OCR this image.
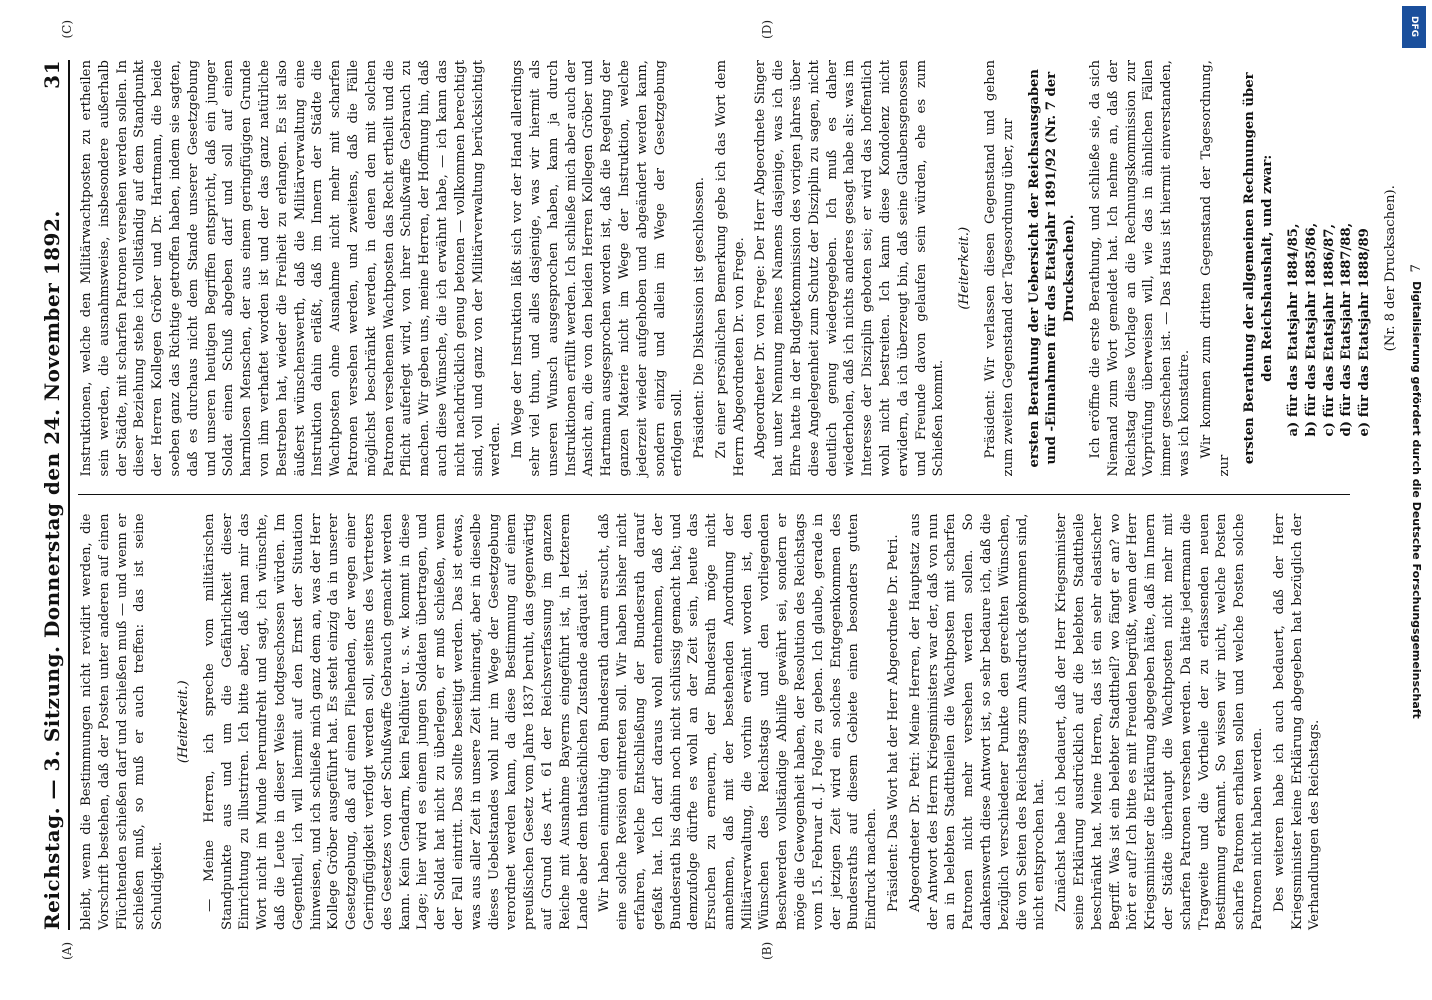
Reichstag. — 3. Sitzung. Donnerstag den 24. November 1892.
31

bleibt, wenn die Bestimmungen nicht revidirt werden, die Vorschrift bestehen, daß der Posten unter anderen auf einen Flüchtenden schießen darf und schießen muß — und wenn er schießen muß, so muß er auch treffen: das ist seine Schuldigkeit.

(Heiterkeit.) — Meine Herren, ich spreche vom militärischen Standpunkte aus und um die Gefährlichkeit dieser Einrichtung zu illustriren. Ich bitte aber, daß man mir das Wort nicht im Munde herumdreht und sagt, ich wünschte, daß die Leute in dieser Weise todtgeschossen würden. Im Gegentheil, ich will hiermit auf den Ernst der Situation hinweisen, und ich schließe mich ganz dem an, was der Herr Kollege Gröber ausgeführt hat. Es steht einzig da in unserer Gesetzgebung, daß auf einen Fliehenden, der wegen einer Geringfügigkeit verfolgt werden soll, seitens des Vertreters des Gesetzes von der Schußwaffe Gebrauch gemacht werden kann. Kein Gendarm, kein Feldhüter u. s. w. kommt in diese Lage; hier wird es einem jungen Soldaten übertragen, und der Soldat hat nicht zu überlegen, er muß schießen, wenn der Fall eintritt. Das sollte beseitigt werden. Das ist etwas, was aus aller Zeit in unsere Zeit hineinragt, aber in dieselbe dieses Uebelstandes wohl nur im Wege der Gesetzgebung verordnet werden kann, da diese Bestimmung auf einem preußischen Gesetz vom Jahre 1837 beruht, das gegenwärtig auf Grund des Art. 61 der Reichsverfassung im ganzen Reiche mit Ausnahme Bayerns eingeführt ist, in letzterem Lande aber dem thatsächlichen Zustande adäquat ist. Wir haben einmüthig den Bundesrath darum ersucht, daß eine solche Revision eintreten soll. Wir haben bisher nicht erfahren, welche Entschließung der Bundesrath darauf gefaßt hat. Ich darf daraus wohl entnehmen, daß der Bundesrath bis dahin noch nicht schlüssig gemacht hat; und demzufolge dürfte es wohl an der Zeit sein, heute das Ersuchen zu erneuern, der Bundesrath möge nicht annehmen, daß mit der bestehenden Anordnung der Militärverwaltung, die vorhin erwähnt worden ist, den Wünschen des Reichstags und den vorliegenden Beschwerden vollständige Abhilfe gewährt sei, sondern er möge die Gewogenheit haben, der Resolution des Reichstags vom 15. Februar d. J. Folge zu geben. Ich glaube, gerade in der jetzigen Zeit wird ein solches Entgegenkommen des Bundesraths auf diesem Gebiete einen besonders guten Eindruck machen. Präsident: Das Wort hat der Herr Abgeordnete Dr. Petri. Abgeordneter Dr. Petri: Meine Herren, der Hauptsatz aus der Antwort des Herrn Kriegsministers war der, daß von nun an in belebten Stadttheilen die Wachtposten mit scharfen Patronen nicht mehr versehen werden sollen. So dankenswerth diese Antwort ist, so sehr bedaure ich, daß die bezüglich verschiedener Punkte den gerechten Wünschen, die von Seiten des Reichstags zum Ausdruck gekommen sind, nicht entsprochen hat. Zunächst habe ich bedauert, daß der Herr Kriegsminister seine Erklärung ausdrücklich auf die belebten Stadttheile beschränkt hat. Meine Herren, das ist ein sehr elastischer Begriff. Was ist ein belebter Stadttheil? wo fängt er an? wo hört er auf? Ich bitte es mit Freuden begrüßt, wenn der Herr Kriegsminister die Erklärung abgegeben hätte, daß im Innern der Städte überhaupt die Wachtposten nicht mehr mit scharfen Patronen versehen werden. Da hätte jedermann die Tragweite und die Vortheile der zu erlassenden neuen Bestimmung erkannt. So wissen wir nicht, welche Posten scharfe Patronen erhalten sollen und welche Posten solche Patronen nicht haben werden. Des weiteren habe ich auch bedauert, daß der Herr Kriegsminister keine Erklärung abgegeben hat bezüglich der Verhandlungen des Reichstags.

Instruktionen, welche den Militärwachtposten zu ertheilen sein werden, die ausnahmsweise, insbesondere außerhalb der Städte, mit scharfen Patronen versehen werden sollen. In dieser Beziehung stehe ich vollständig auf dem Standpunkt der Herren Kollegen Gröber und Dr. Hartmann, die beide soeben ganz das Richtige getroffen haben, indem sie sagten, daß es durchaus nicht dem Stande unserer Gesetzgebung und unseren heutigen Begriffen entspricht, daß ein junger Soldat einen Schuß abgeben darf und soll auf einen harmlosen Menschen, der aus einem geringfügigen Grunde von ihm verhaftet worden ist und der das ganz natürliche Bestreben hat, wieder die Freiheit zu erlangen. Es ist also äußerst wünschenswerth, daß die Militärverwaltung eine Instruktion dahin erläßt, daß im Innern der Städte die Wachtposten ohne Ausnahme nicht mehr mit scharfen Patronen versehen werden, und zweitens, daß die Fälle möglichst beschränkt werden, in denen den mit solchen Patronen versehenen Wachtposten das Recht ertheilt und die Pflicht auferlegt wird, von ihrer Schußwaffe Gebrauch zu machen. Wir geben uns, meine Herren, der Hoffnung hin, daß auch diese Wünsche, die ich erwähnt habe, — ich kann das nicht nachdrücklich genug betonen — vollkommen berechtigt sind, voll und ganz von der Militärverwaltung berücksichtigt werden. Im Wege der Instruktion läßt sich vor der Hand allerdings sehr viel thun, und alles dasjenige, was wir hiermit als unseren Wunsch ausgesprochen haben, kann ja durch Instruktionen erfüllt werden. Ich schließe mich aber auch der Ansicht an, die von den beiden Herren Kollegen Gröber und Hartmann ausgesprochen worden ist, daß die Regelung der ganzen Materie nicht im Wege der Instruktion, welche jederzeit wieder aufgehoben und abgeändert werden kann, sondern einzig und allein im Wege der Gesetzgebung erfolgen soll. Präsident: Die Diskussion ist geschlossen. Zu einer persönlichen Bemerkung gebe ich das Wort dem Herrn Abgeordneten Dr. von Frege. Abgeordneter Dr. von Frege: Der Herr Abgeordnete Singer hat unter Nennung meines Namens dasjenige, was ich die Ehre hatte in der Budgetkommission des vorigen Jahres über diese Angelegenheit zum Schutz der Disziplin zu sagen, nicht deutlich genug wiedergegeben. Ich muß es daher wiederholen, daß ich nichts anderes gesagt habe als: was im Interesse der Disziplin geboten sei; er wird das hoffentlich wohl nicht bestreiten. Ich kann diese Kondolenz nicht erwidern, da ich überzeugt bin, daß seine Glaubensgenossen und Freunde davon gelaufen sein würden, ehe es zum Schießen kommt.

(Heiterkeit.) Präsident: Wir verlassen diesen Gegenstand und gehen zum zweiten Gegenstand der Tagesordnung über, zur ersten Berathung der Uebersicht der Reichsausgaben und -Einnahmen für das Etatsjahr 1891/92 (Nr. 7 der Drucksachen). Ich eröffne die erste Berathung, und schließe sie, da sich Niemand zum Wort gemeldet hat. Ich nehme an, daß der Reichstag diese Vorlage an die Rechnungskommission zur Vorprüfung überweisen will, wie das in ähnlichen Fällen immer geschehen ist. — Das Haus ist hiermit einverstanden, was ich konstatire. Wir kommen zum dritten Gegenstand der Tagesordnung, zur

ersten Berathung der allgemeinen Rechnungen über den Reichshaushalt, und zwar: a) für das Etatsjahr 1884/85, b) für das Etatsjahr 1885/86, c) für das Etatsjahr 1886/87, d) für das Etatsjahr 1887/88, e) für das Etatsjahr 1888/89 (Nr. 8 der Drucksachen). 7

(A)	(B)
(C)	(D)
Digitalisierung gefördert durch die Deutsche Forschungsgemeinschaft
DFG
